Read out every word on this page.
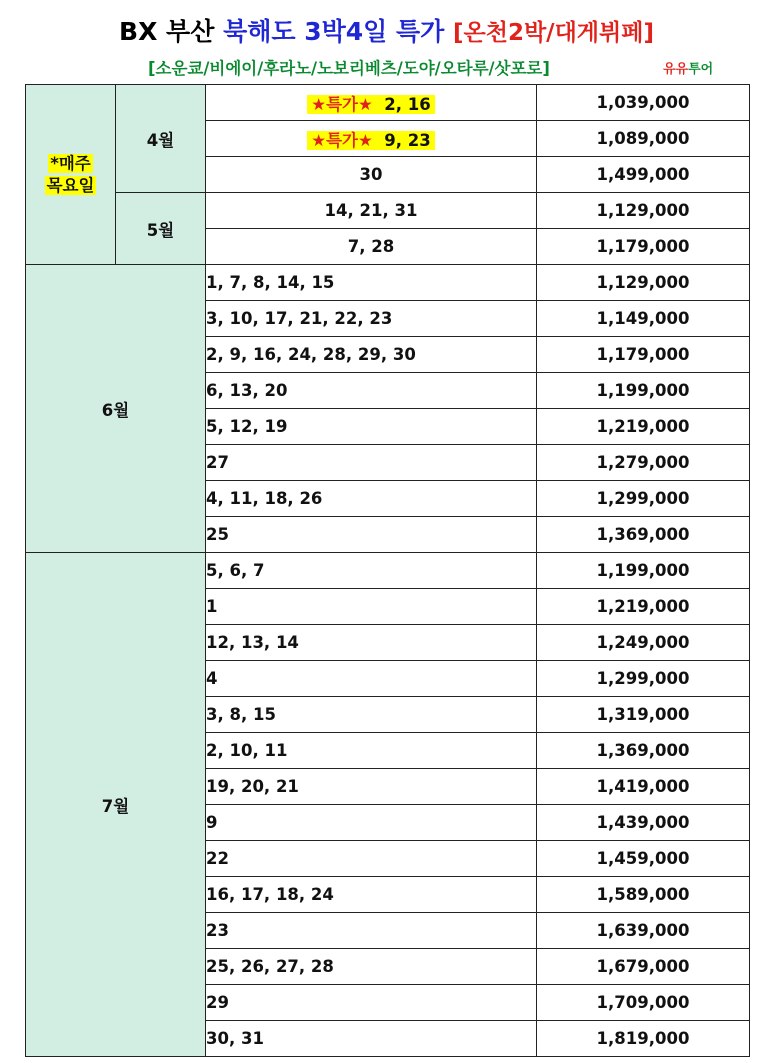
BX 부산 북해도 3박4일 특가 [온천2박/대게뷔페]
[소운쿄/비에이/후라노/노보리베츠/도야/오타루/삿포로]	유유투어
*매주
목요일	4월	★특가★ 2, 16	1,039,000
		★특가★ 9, 23	1,089,000
		30	1,499,000
	5월	14, 21, 31	1,129,000
		7, 28	1,179,000
6월		1, 7, 8, 14, 15	1,129,000
		3, 10, 17, 21, 22, 23	1,149,000
		2, 9, 16, 24, 28, 29, 30	1,179,000
		6, 13, 20	1,199,000
		5, 12, 19	1,219,000
		27	1,279,000
		4, 11, 18, 26	1,299,000
		25	1,369,000
7월		5, 6, 7	1,199,000
		1	1,219,000
		12, 13, 14	1,249,000
		4	1,299,000
		3, 8, 15	1,319,000
		2, 10, 11	1,369,000
		19, 20, 21	1,419,000
		9	1,439,000
		22	1,459,000
		16, 17, 18, 24	1,589,000
		23	1,639,000
		25, 26, 27, 28	1,679,000
		29	1,709,000
		30, 31	1,819,000
